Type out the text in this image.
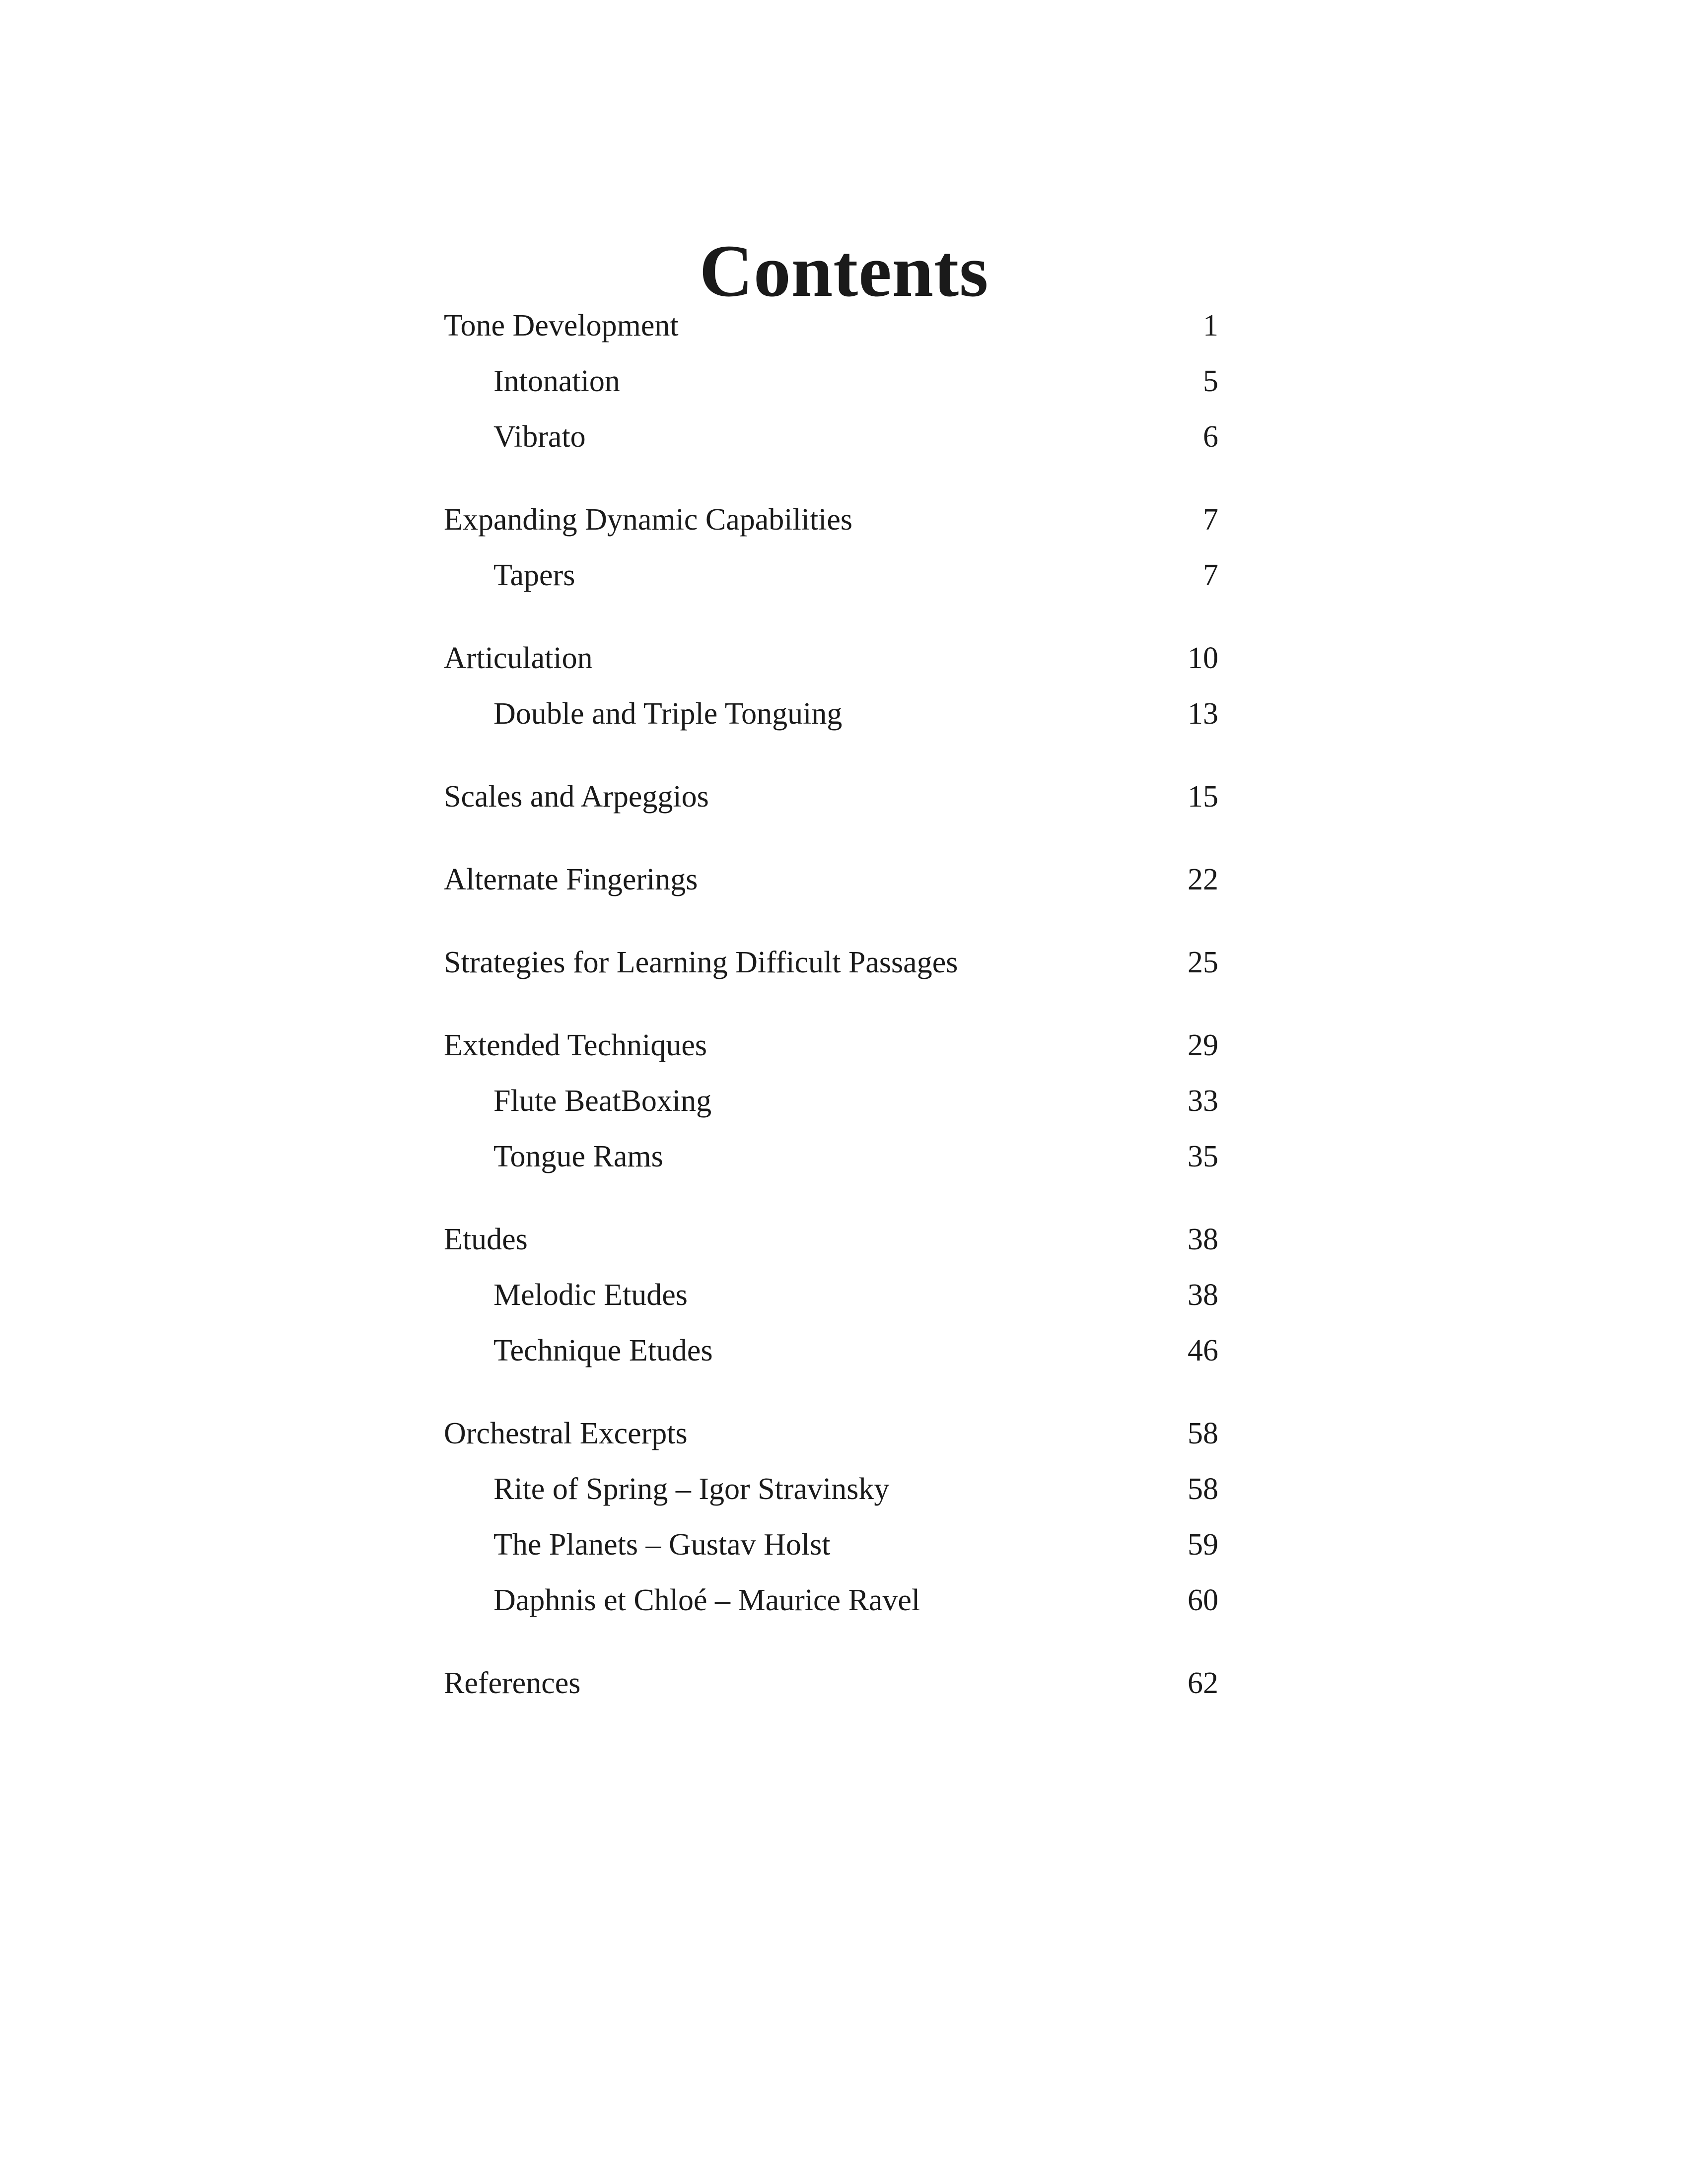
Contents
Tone Development	1
Intonation	5
Vibrato	6
Expanding Dynamic Capabilities	7
Tapers	7
Articulation	10
Double and Triple Tonguing	13
Scales and Arpeggios	15
Alternate Fingerings	22
Strategies for Learning Difficult Passages	25
Extended Techniques	29
Flute BeatBoxing	33
Tongue Rams	35
Etudes	38
Melodic Etudes	38
Technique Etudes	46
Orchestral Excerpts	58
Rite of Spring – Igor Stravinsky	58
The Planets – Gustav Holst	59
Daphnis et Chloé – Maurice Ravel	60
References	62
